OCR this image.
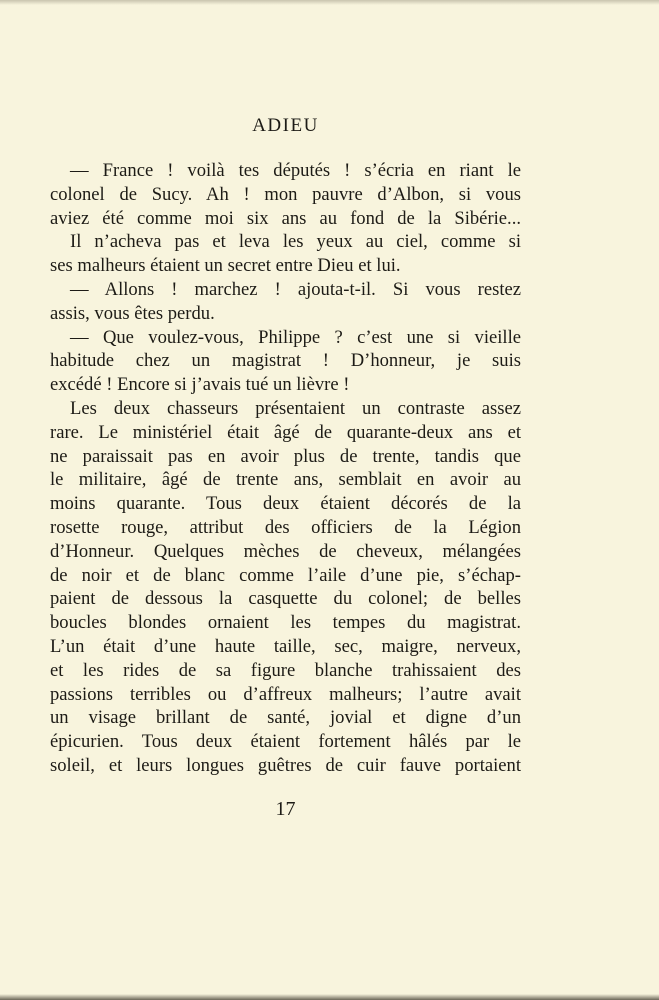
ADIEU
— France ! voilà tes députés ! s’écria en riant le
colonel de Sucy. Ah ! mon pauvre d’Albon, si vous
aviez été comme moi six ans au fond de la Sibérie...
Il n’acheva pas et leva les yeux au ciel, comme si
ses malheurs étaient un secret entre Dieu et lui.
— Allons ! marchez ! ajouta-t-il. Si vous restez
assis, vous êtes perdu.
— Que voulez-vous, Philippe ? c’est une si vieille
habitude chez un magistrat ! D’honneur, je suis
excédé ! Encore si j’avais tué un lièvre !
Les deux chasseurs présentaient un contraste assez
rare. Le ministériel était âgé de quarante-deux ans et
ne paraissait pas en avoir plus de trente, tandis que
le militaire, âgé de trente ans, semblait en avoir au
moins quarante. Tous deux étaient décorés de la
rosette rouge, attribut des officiers de la Légion
d’Honneur. Quelques mèches de cheveux, mélangées
de noir et de blanc comme l’aile d’une pie, s’échap-
paient de dessous la casquette du colonel; de belles
boucles blondes ornaient les tempes du magistrat.
L’un était d’une haute taille, sec, maigre, nerveux,
et les rides de sa figure blanche trahissaient des
passions terribles ou d’affreux malheurs; l’autre avait
un visage brillant de santé, jovial et digne d’un
épicurien. Tous deux étaient fortement hâlés par le
soleil, et leurs longues guêtres de cuir fauve portaient
17
